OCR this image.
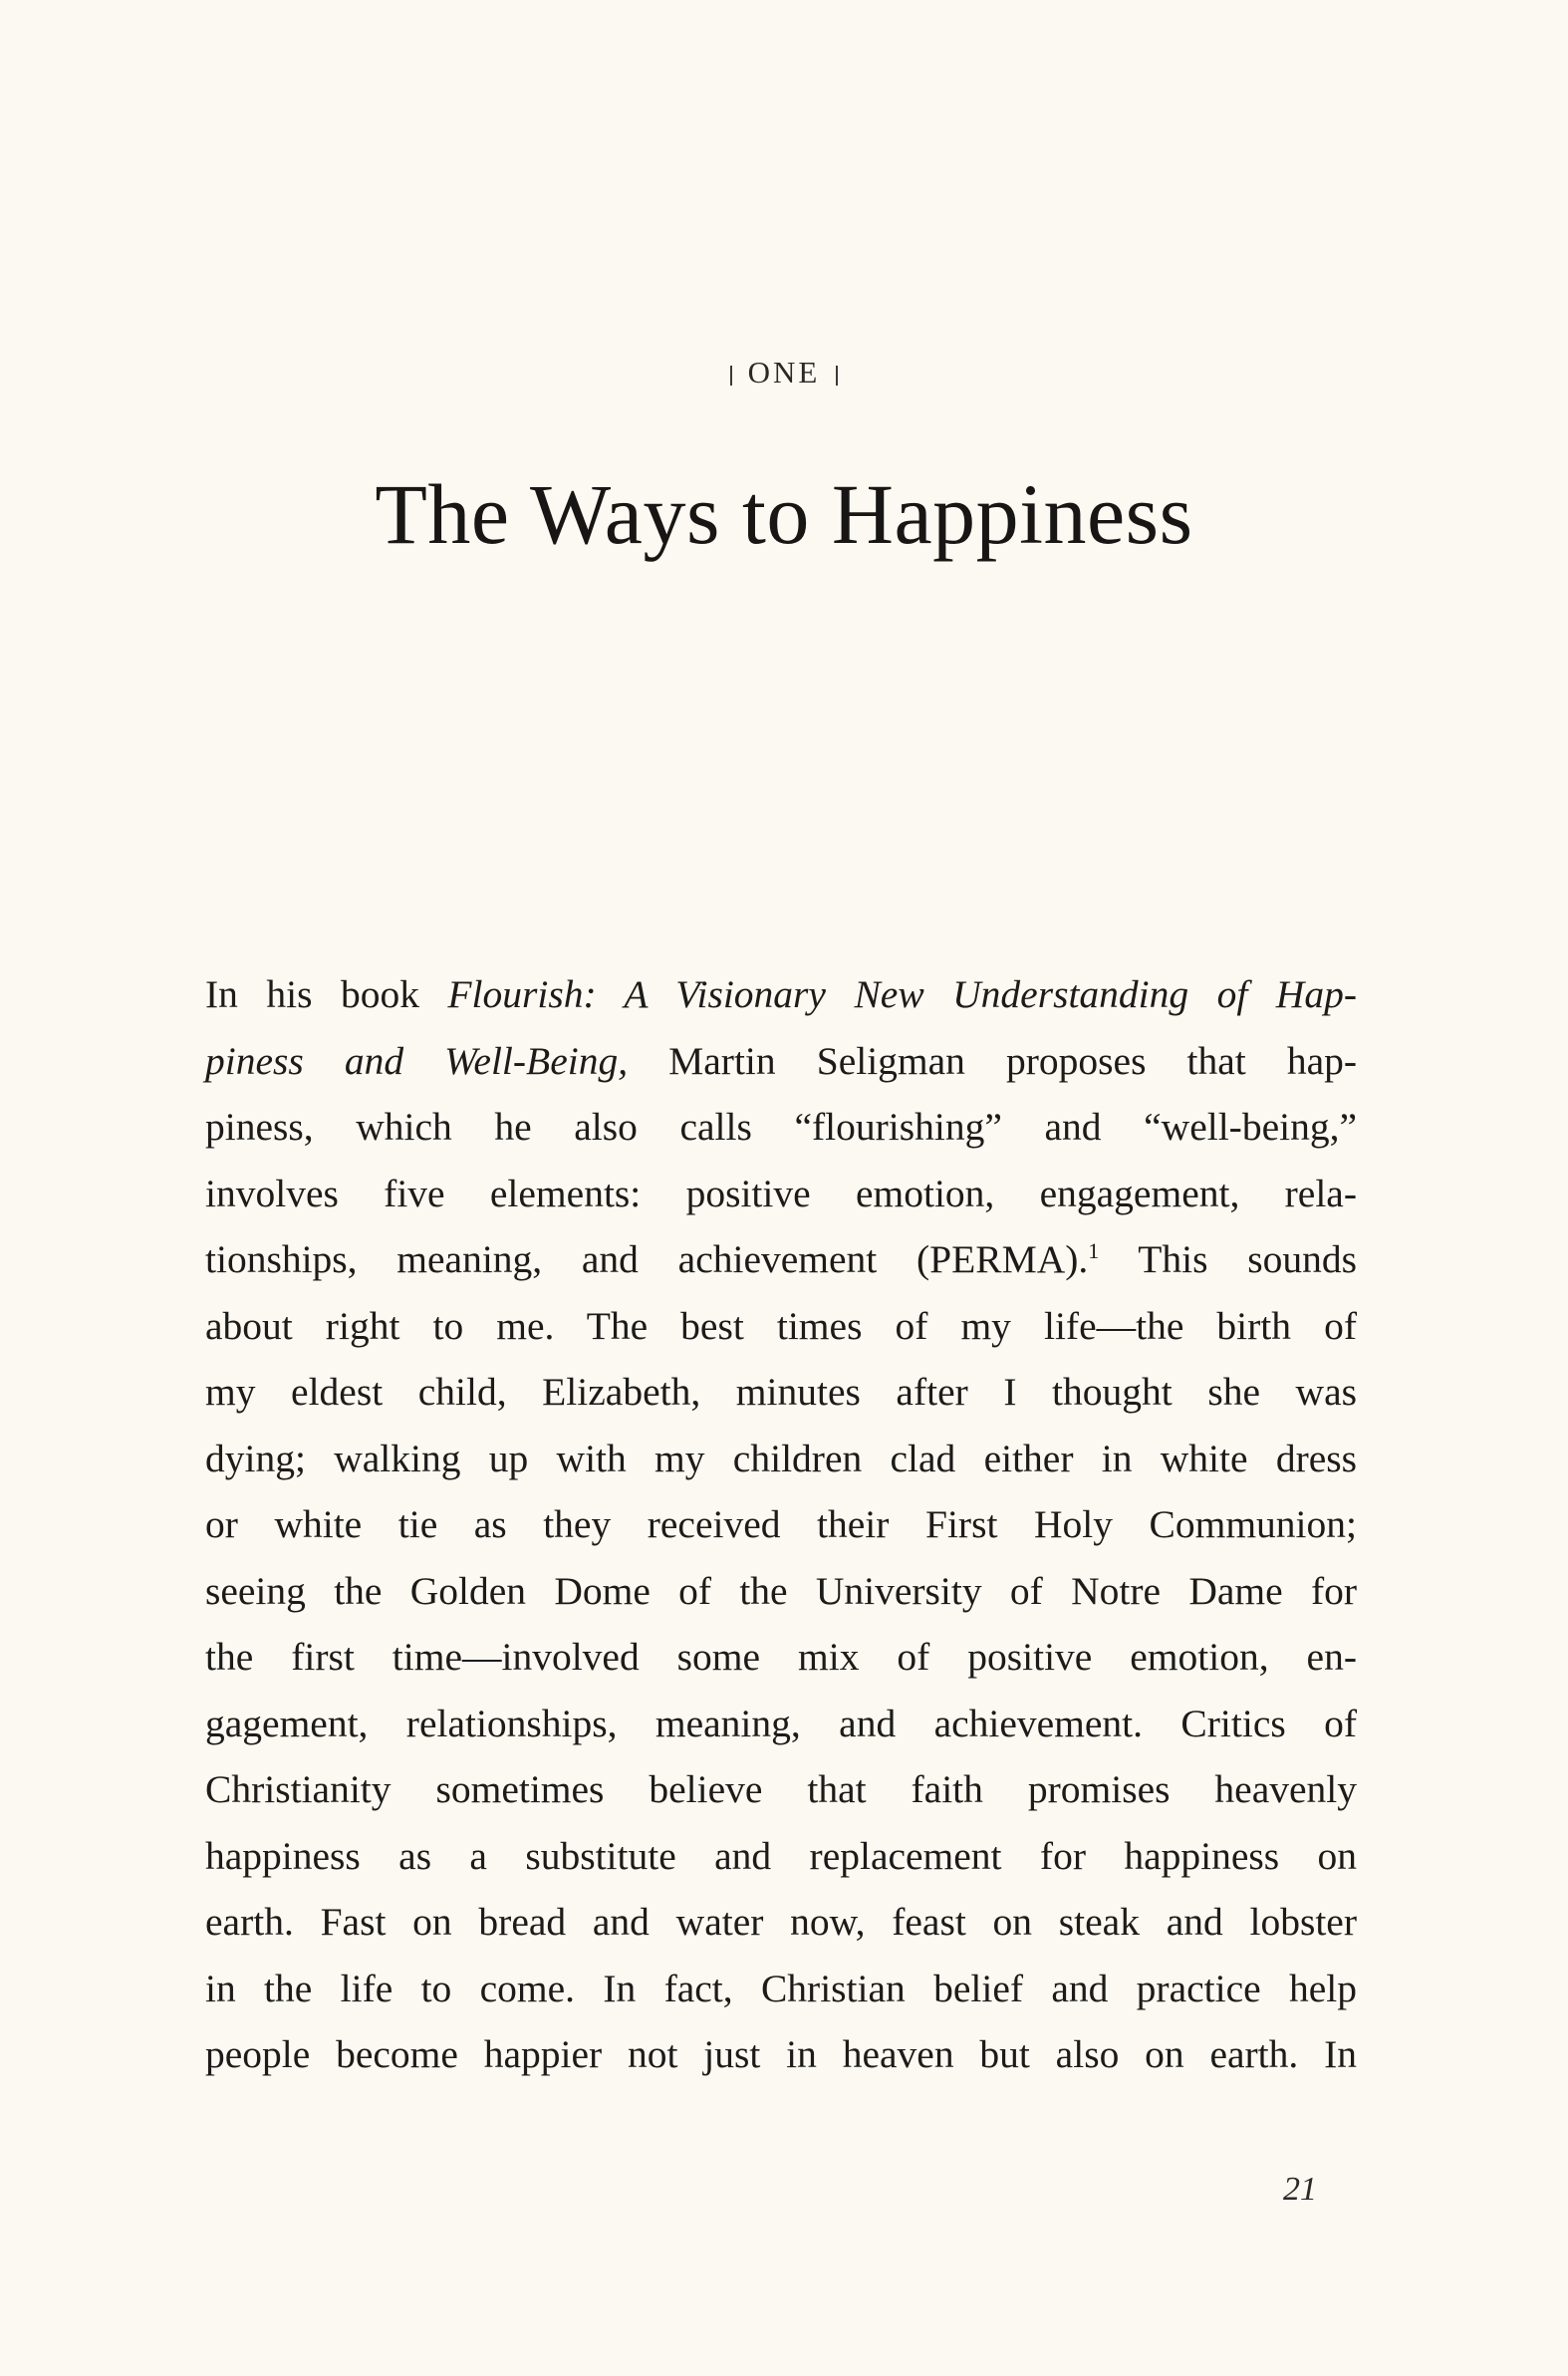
ONE
The Ways to Happiness
In his book Flourish: A Visionary New Understanding of Hap-
piness and Well-Being, Martin Seligman proposes that hap-
piness, which he also calls “flourishing” and “well-being,”
involves five elements: positive emotion, engagement, rela-
tionships, meaning, and achievement (PERMA).$^1$ This sounds
about right to me. The best times of my life—the birth of
my eldest child, Elizabeth, minutes after I thought she was
dying; walking up with my children clad either in white dress
or white tie as they received their First Holy Communion;
seeing the Golden Dome of the University of Notre Dame for
the first time—involved some mix of positive emotion, en-
gagement, relationships, meaning, and achievement. Critics of
Christianity sometimes believe that faith promises heavenly
happiness as a substitute and replacement for happiness on
earth. Fast on bread and water now, feast on steak and lobster
in the life to come. In fact, Christian belief and practice help
people become happier not just in heaven but also on earth. In
21
